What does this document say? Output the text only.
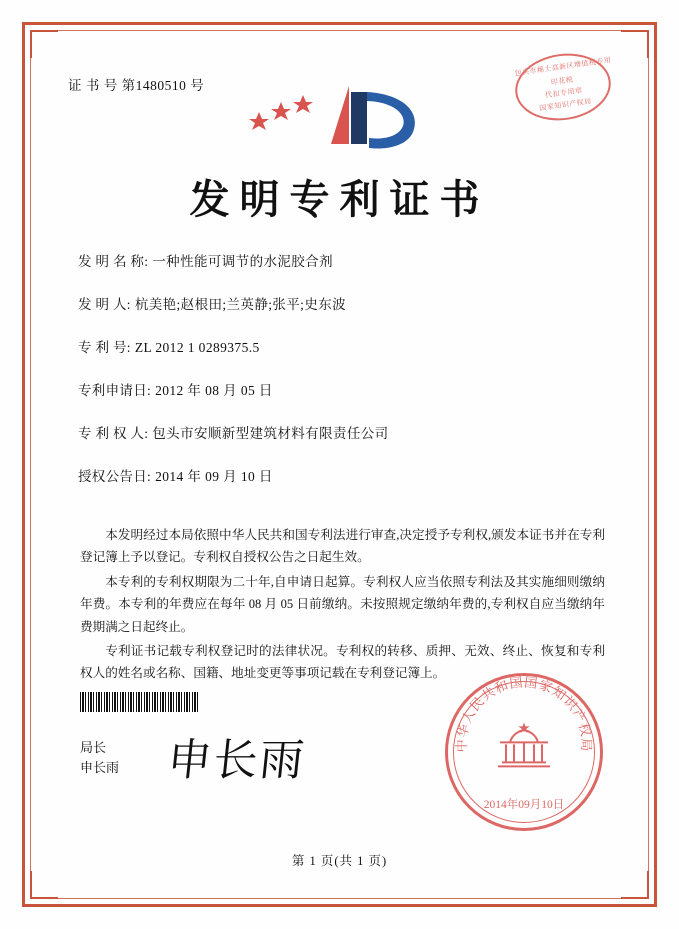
证 书 号 第1480510 号
包头市稀土高新区增值税专用
印花税
代扣专用章
国家知识产权局
发明专利证书
发 明 名 称: 一种性能可调节的水泥胶合剂
发 明 人: 杭美艳;赵根田;兰英静;张平;史东波
专 利 号: ZL 2012 1 0289375.5
专利申请日: 2012 年 08 月 05 日
专 利 权 人: 包头市安顺新型建筑材料有限责任公司
授权公告日: 2014 年 09 月 10 日

本发明经过本局依照中华人民共和国专利法进行审查,决定授予专利权,颁发本证书并在专利登记簿上予以登记。专利权自授权公告之日起生效。

本专利的专利权期限为二十年,自申请日起算。专利权人应当依照专利法及其实施细则缴纳年费。本专利的年费应在每年 08 月 05 日前缴纳。未按照规定缴纳年费的,专利权自应当缴纳年费期满之日起终止。

专利证书记载专利权登记时的法律状况。专利权的转移、质押、无效、终止、恢复和专利权人的姓名或名称、国籍、地址变更等事项记载在专利登记簿上。

局长
申长雨 申长雨	中华人民共和国国家知识产权局
2014年09月10日
第 1 页(共 1 页)
